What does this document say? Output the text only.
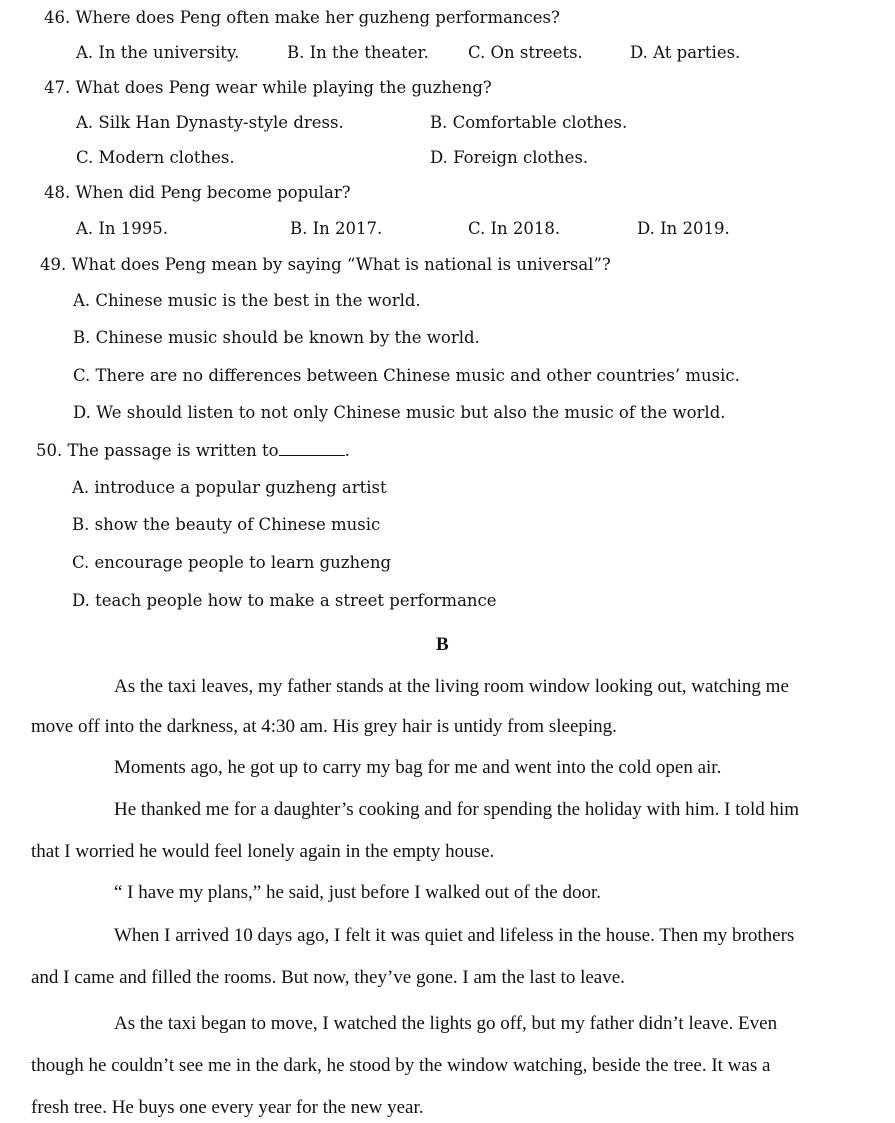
46. Where does Peng often make her guzheng performances?
A. In the university.	B. In the theater. C. On streets.	D. At parties.
47. What does Peng wear while playing the guzheng?
A. Silk Han Dynasty-style dress.	B. Comfortable clothes.
C. Modern clothes.	D. Foreign clothes.
48. When did Peng become popular?
A. In 1995.	B. In 2017.	C. In 2018.	D. In 2019.
49. What does Peng mean by saying “What is national is universal”?
A. Chinese music is the best in the world.
B. Chinese music should be known by the world.
C. There are no differences between Chinese music and other countries’ music.
D. We should listen to not only Chinese music but also the music of the world.
50. The passage is written to	.
A. introduce a popular guzheng artist
B. show the beauty of Chinese music
C. encourage people to learn guzheng
D. teach people how to make a street performance
B
As the taxi leaves, my father stands at the living room window looking out, watching me
move off into the darkness, at 4:30 am. His grey hair is untidy from sleeping.
Moments ago, he got up to carry my bag for me and went into the cold open air.
He thanked me for a daughter’s cooking and for spending the holiday with him. I told him
that I worried he would feel lonely again in the empty house.
“ I have my plans,” he said, just before I walked out of the door.
When I arrived 10 days ago, I felt it was quiet and lifeless in the house. Then my brothers
and I came and filled the rooms. But now, they’ve gone. I am the last to leave.
As the taxi began to move, I watched the lights go off, but my father didn’t leave. Even
though he couldn’t see me in the dark, he stood by the window watching, beside the tree. It was a
fresh tree. He buys one every year for the new year.
